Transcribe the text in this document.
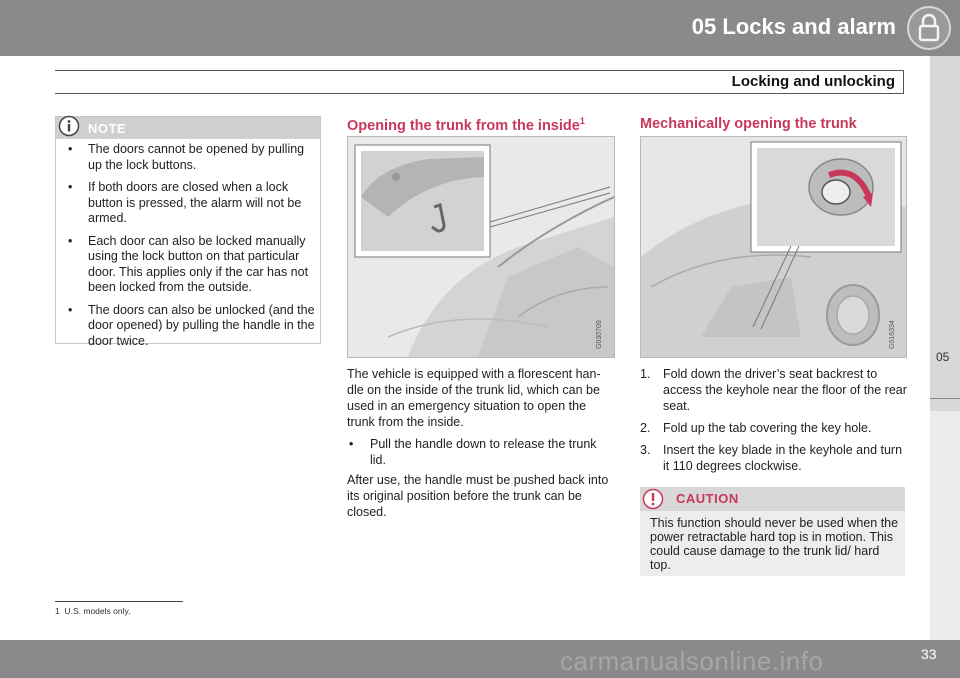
05 Locks and alarm
Locking and unlocking
05
NOTE
• The doors cannot be opened by pulling up the lock buttons.
• If both doors are closed when a lock button is pressed, the alarm will not be armed.
• Each door can also be locked manually using the lock button on that particular door. This applies only if the car has not been locked from the outside.
• The doors can also be unlocked (and the door opened) by pulling the handle in the door twice.
Opening the trunk from the inside$^1$
G030709

The vehicle is equipped with a florescent han-dle on the inside of the trunk lid, which can be used in an emergency situation to open the trunk from the inside.

•	Pull the handle down to release the trunk lid.

After use, the handle must be pushed back into its original position before the trunk can be closed.

Mechanically opening the trunk
G016334
1. Fold down the driver’s seat backrest to access the keyhole near the floor of the rear seat.
2. Fold up the tab covering the key hole.
3. Insert the key blade in the keyhole and turn it 110 degrees clockwise.
CAUTION

This function should never be used when the power retractable hard top is in motion. This could cause damage to the trunk lid/ hard top.

1 U.S. models only.
carmanualsonline.info	33
